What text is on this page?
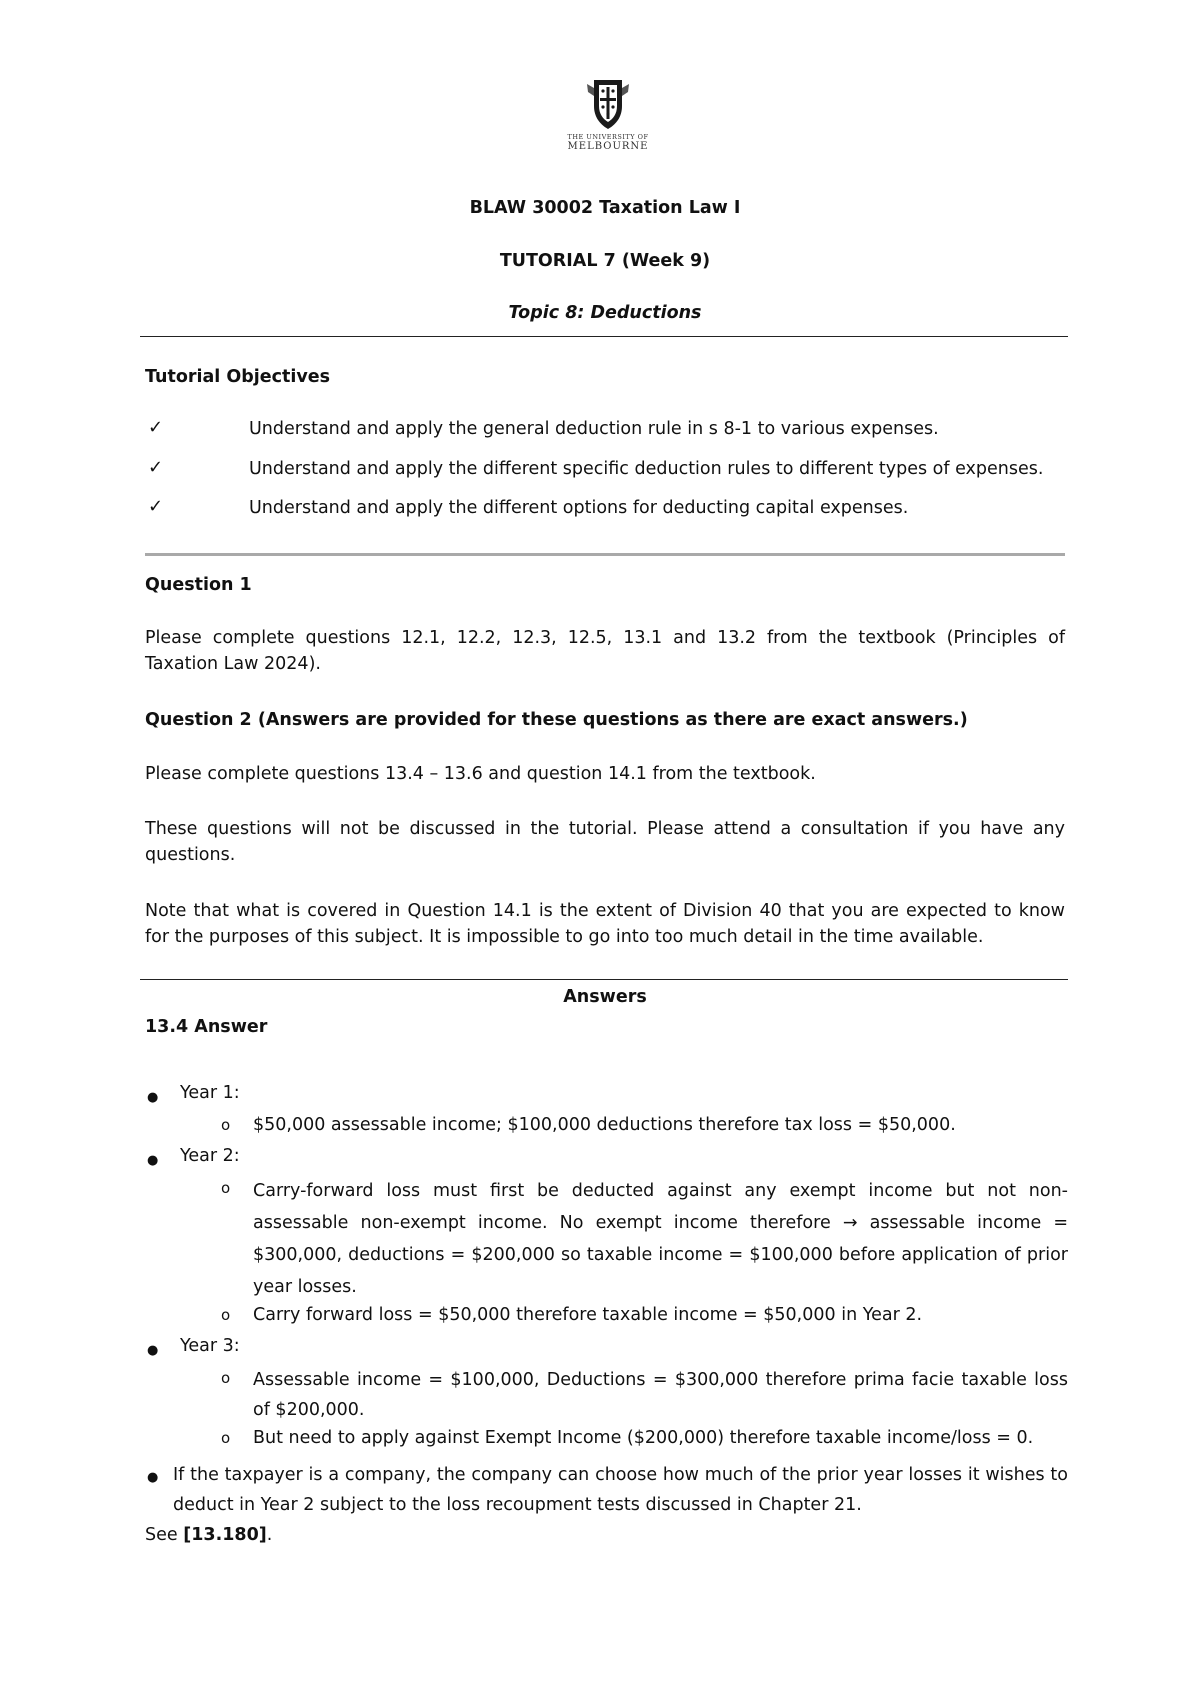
THE UNIVERSITY OF
MELBOURNE
BLAW 30002 Taxation Law I
TUTORIAL 7 (Week 9)
Topic 8: Deductions
Tutorial Objectives
✓	Understand and apply the general deduction rule in s 8-1 to various expenses.
✓	Understand and apply the different specific deduction rules to different types of expenses.
✓	Understand and apply the different options for deducting capital expenses.
Question 1
Please complete questions 12.1, 12.2, 12.3, 12.5, 13.1 and 13.2 from the textbook (Principles of Taxation Law 2024).
Question 2 (Answers are provided for these questions as there are exact answers.)
Please complete questions 13.4 – 13.6 and question 14.1 from the textbook.
These questions will not be discussed in the tutorial. Please attend a consultation if you have any questions.
Note that what is covered in Question 14.1 is the extent of Division 40 that you are expected to know for the purposes of this subject. It is impossible to go into too much detail in the time available.
Answers
13.4 Answer
● Year 1:
o $50,000 assessable income; $100,000 deductions therefore tax loss = $50,000.
● Year 2:
o Carry-forward loss must first be deducted against any exempt income but not non-assessable non-exempt income. No exempt income therefore → assessable income = $300,000, deductions = $200,000 so taxable income = $100,000 before application of prior year losses.
o Carry forward loss = $50,000 therefore taxable income = $50,000 in Year 2.
● Year 3:
o Assessable income = $100,000, Deductions = $300,000 therefore prima facie taxable loss of $200,000.
o But need to apply against Exempt Income ($200,000) therefore taxable income/loss = 0.
● If the taxpayer is a company, the company can choose how much of the prior year losses it wishes to deduct in Year 2 subject to the loss recoupment tests discussed in Chapter 21.
See [13.180].
